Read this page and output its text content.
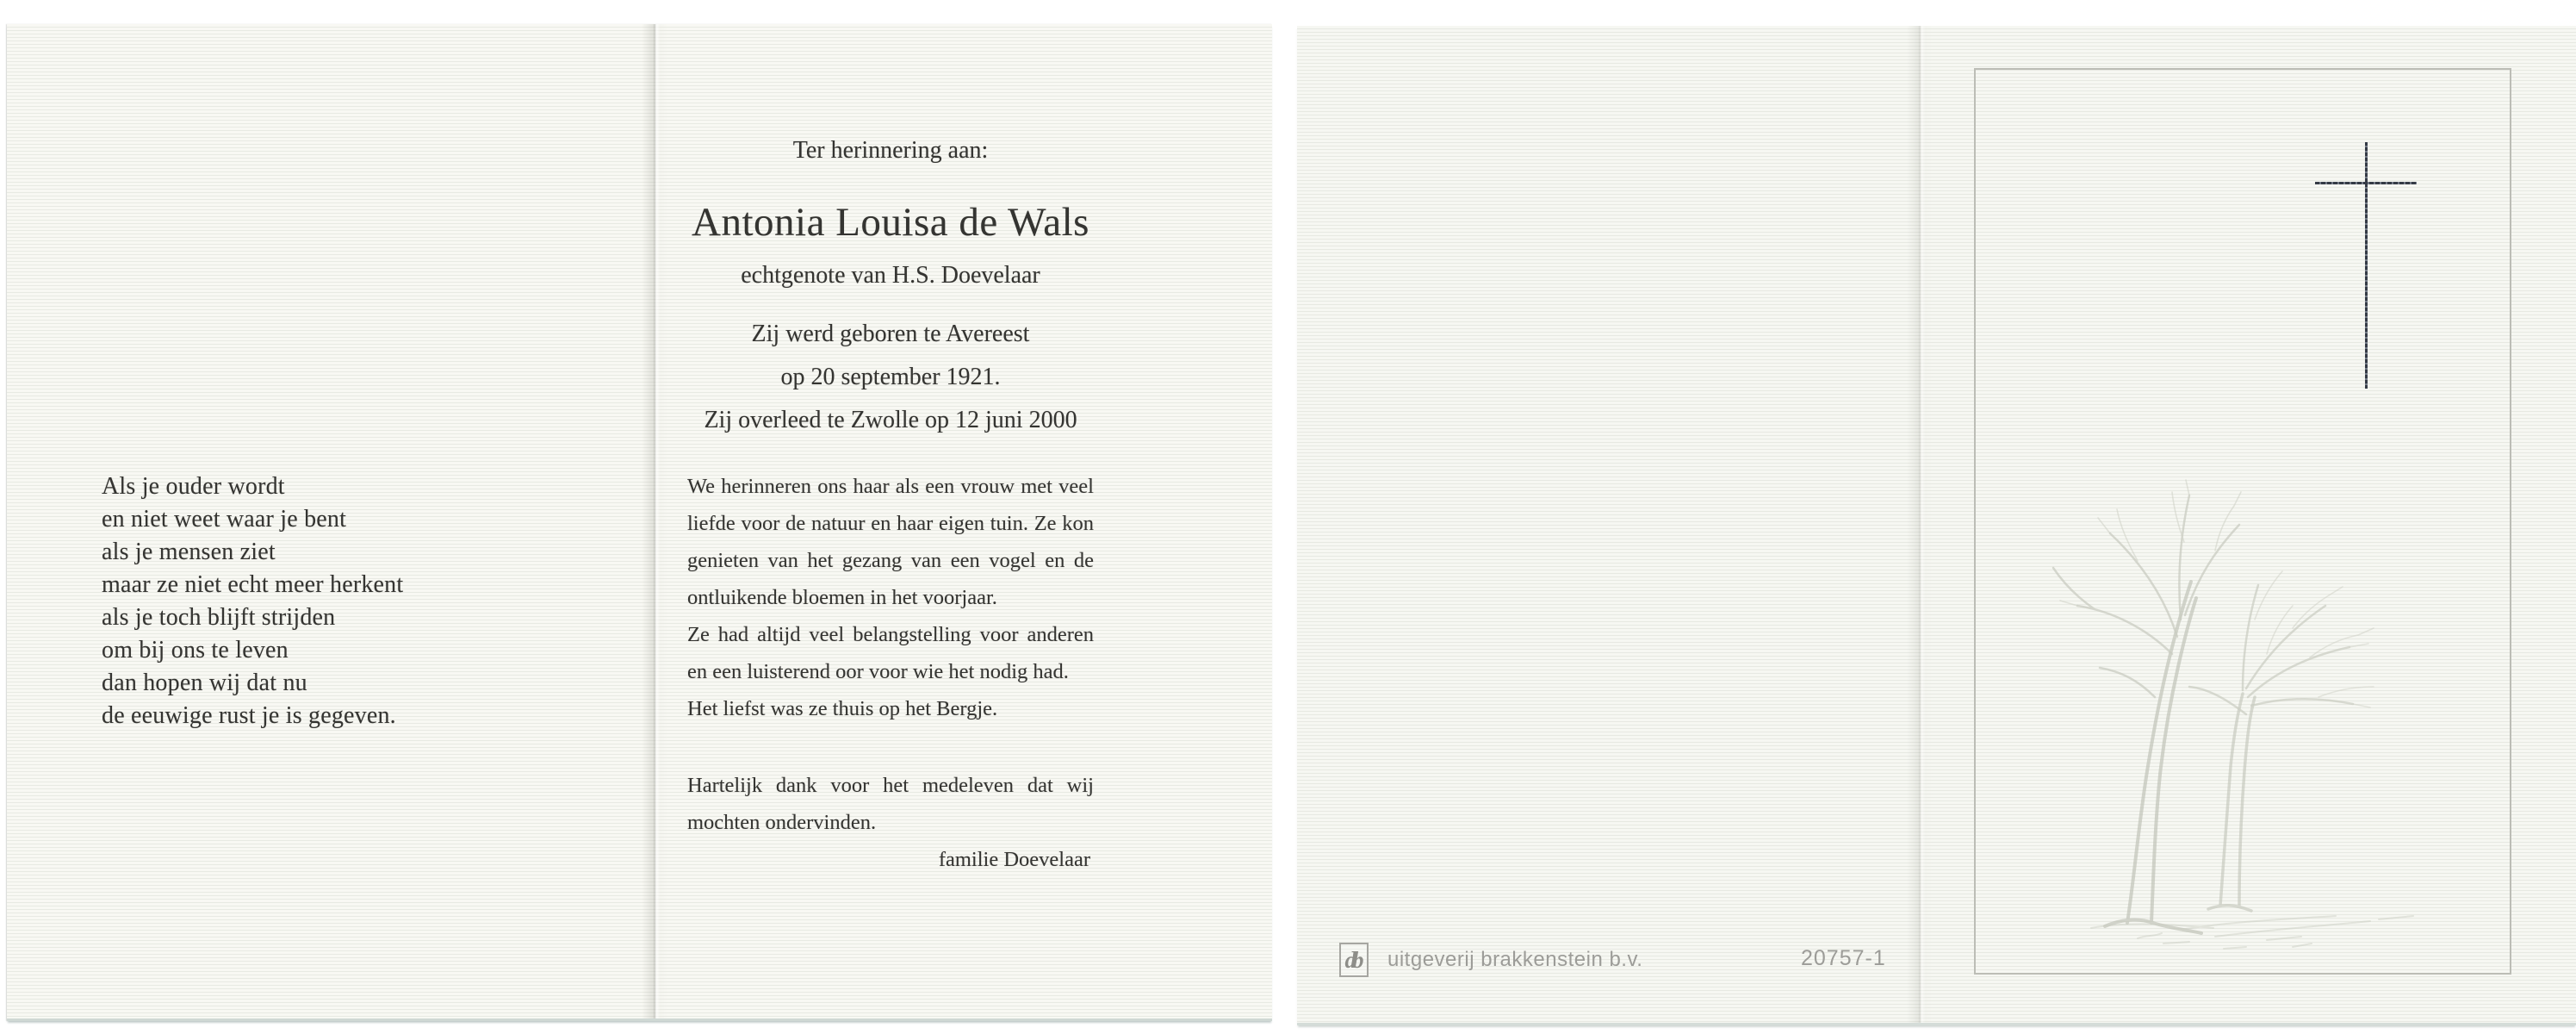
Als je ouder wordt
en niet weet waar je bent
als je mensen ziet
maar ze niet echt meer herkent
als je toch blijft strijden
om bij ons te leven
dan hopen wij dat nu
de eeuwige rust je is gegeven.
Ter herinnering aan:
Antonia Louisa de Wals
echtgenote van H.S. Doevelaar
Zij werd geboren te Avereest
op 20 september 1921.
Zij overleed te Zwolle op 12 juni 2000
We herinneren ons haar als een vrouw met veel
liefde voor de natuur en haar eigen tuin. Ze kon
genieten van het gezang van een vogel en de
ontluikende bloemen in het voorjaar.
Ze had altijd veel belangstelling voor anderen
en een luisterend oor voor wie het nodig had.
Het liefst was ze thuis op het Bergje.
Hartelijk dank voor het medeleven dat wij
mochten ondervinden.
familie Doevelaar
db uitgeverij brakkenstein b.v.	20757-1
